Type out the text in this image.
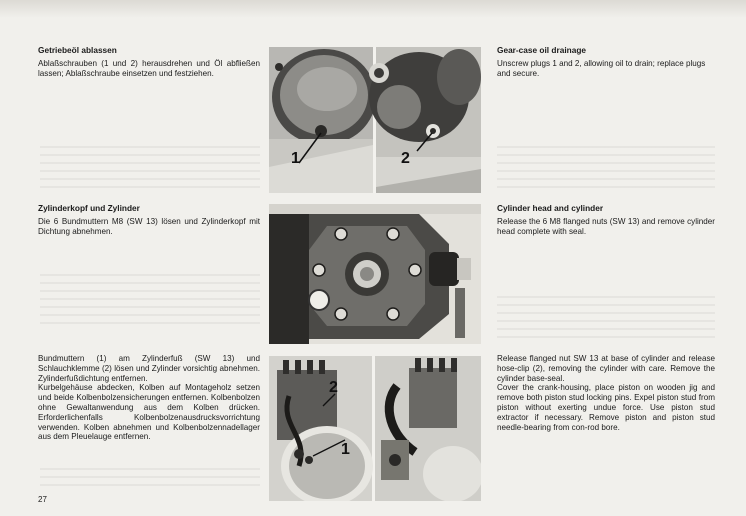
Getriebeöl ablassen

Ablaßschrauben (1 und 2) herausdrehen und Öl abfließen lassen; Ablaßschraube einsetzen und festziehen.

Gear-case oil drainage

Unscrew plugs 1 and 2, allowing oil to drain; replace plugs and secure.

Zylinderkopf und Zylinder

Die 6 Bundmuttern M8 (SW 13) lösen und Zylinderkopf mit Dichtung abnehmen.

Cylinder head and cylinder

Release the 6 M8 flanged nuts (SW 13) and remove cylinder head complete with seal.

Bundmuttern (1) am Zylinderfuß (SW 13) und Schlauchklemme (2) lösen und Zylinder vorsichtig abnehmen. Zylinderfußdichtung entfernen.

Kurbelgehäuse abdecken, Kolben auf Montageholz setzen und beide Kolbenbolzensicherungen entfernen. Kolbenbolzen ohne Gewaltanwendung aus dem Kolben drücken. Erforderlichenfalls Kolbenbolzenausdrucksvorrichtung verwenden. Kolben abnehmen und Kolbenbolzennadellager aus dem Pleuelauge entfernen.

Release flanged nut SW 13 at base of cylinder and release hose-clip (2), removing the cylinder with care. Remove the cylinder base-seal.

Cover the crank-housing, place piston on wooden jig and remove both piston stud locking pins. Expel piston stud from piston without exerting undue force. Use piston stud extractor if necessary. Remove piston and piston stud needle-bearing from con-rod bore.

1	2
2
1
27
